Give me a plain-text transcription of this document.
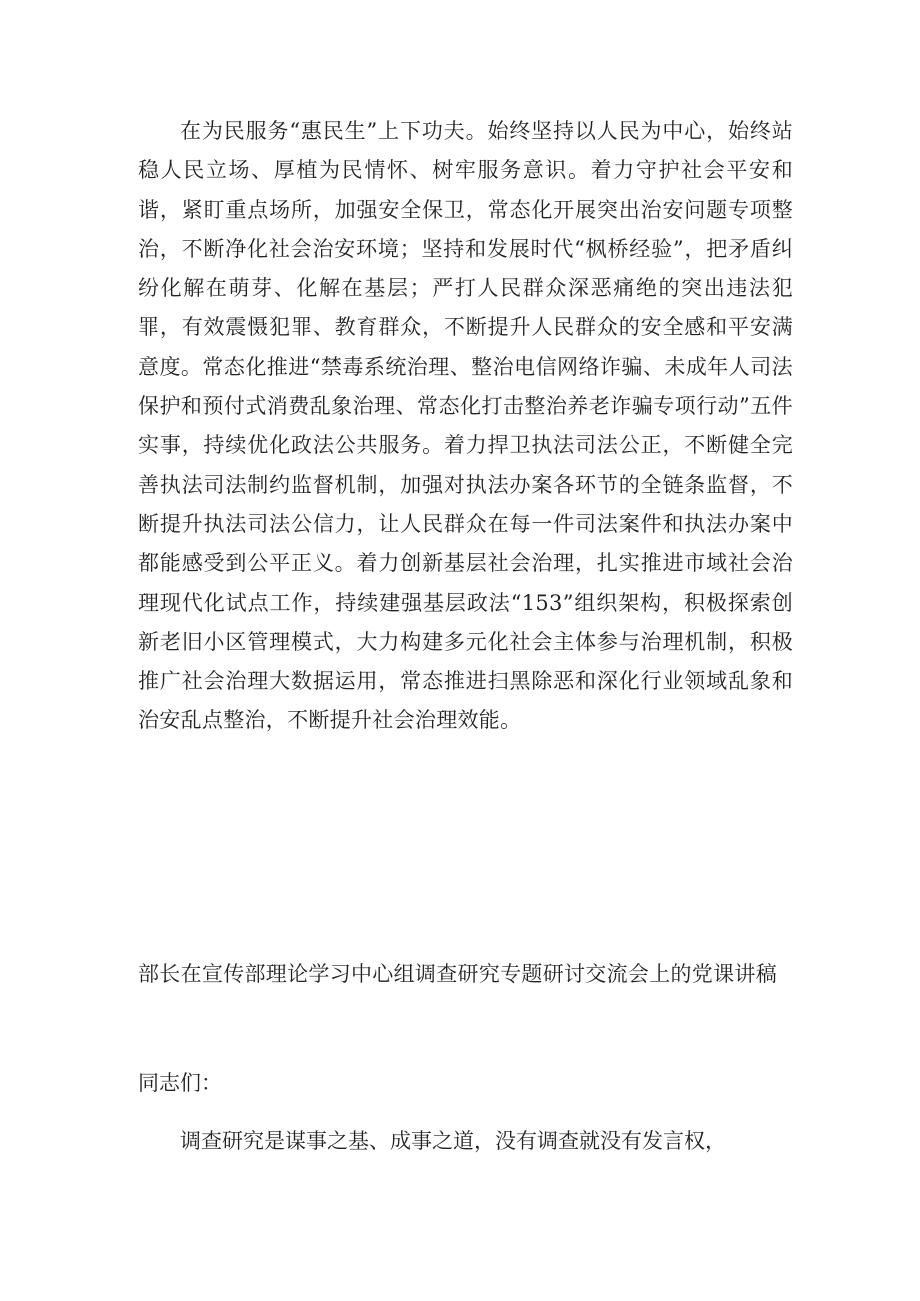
在为民服务“惠民生”上下功夫。始终坚持以人民为中心，始终站稳人民立场、厚植为民情怀、树牢服务意识。着力守护社会平安和谐，紧盯重点场所，加强安全保卫，常态化开展突出治安问题专项整治，不断净化社会治安环境；坚持和发展时代“枫桥经验”，把矛盾纠纷化解在萌芽、化解在基层；严打人民群众深恶痛绝的突出违法犯罪，有效震慑犯罪、教育群众，不断提升人民群众的安全感和平安满意度。常态化推进“禁毒系统治理、整治电信网络诈骗、未成年人司法保护和预付式消费乱象治理、常态化打击整治养老诈骗专项行动”五件实事，持续优化政法公共服务。着力捍卫执法司法公正，不断健全完善执法司法制约监督机制，加强对执法办案各环节的全链条监督，不断提升执法司法公信力，让人民群众在每一件司法案件和执法办案中都能感受到公平正义。着力创新基层社会治理，扎实推进市域社会治理现代化试点工作，持续建强基层政法“153”组织架构，积极探索创新老旧小区管理模式，大力构建多元化社会主体参与治理机制，积极推广社会治理大数据运用，常态推进扫黑除恶和深化行业领域乱象和治安乱点整治，不断提升社会治理效能。

部长在宣传部理论学习中心组调查研究专题研讨交流会上的党课讲稿

同志们：

调查研究是谋事之基、成事之道，没有调查就没有发言权，
